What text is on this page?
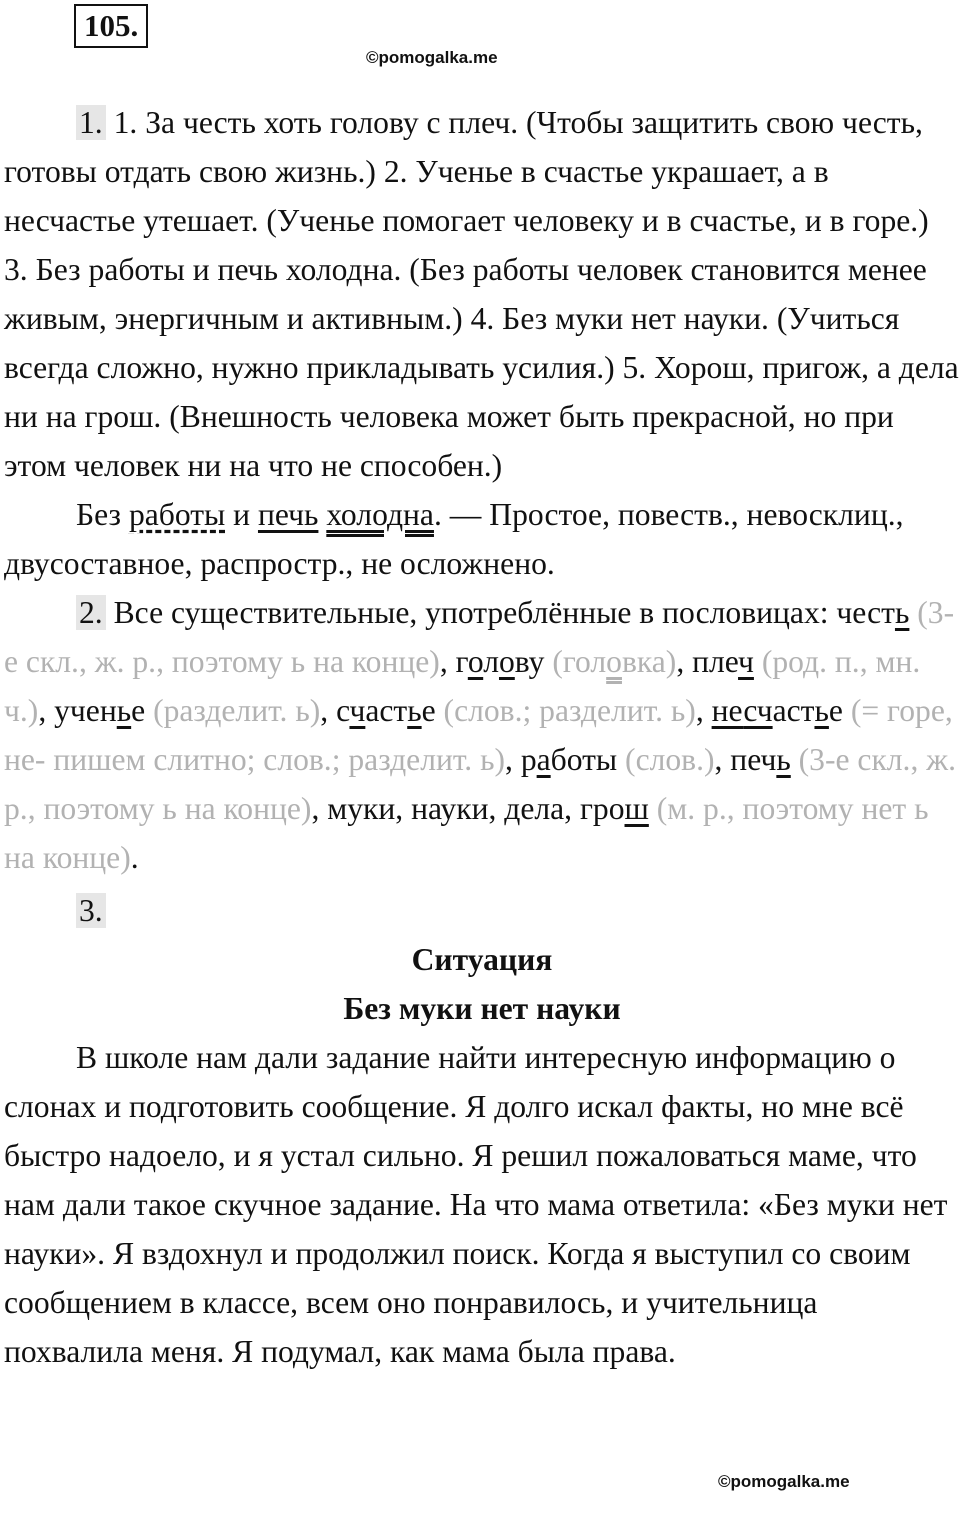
105.
©pomogalka.me

1. 1. За честь хоть голову с плеч. (Чтобы защитить свою честь, готовы отдать свою жизнь.) 2. Ученье в счастье украшает, а в несчастье утешает. (Ученье помогает человеку и в счастье, и в горе.) 3. Без работы и печь холодна. (Без работы человек становится менее живым, энергичным и активным.) 4. Без муки нет науки. (Учиться всегда сложно, нужно прикладывать усилия.) 5. Хорош, пригож, а дела ни на грош. (Внешность человека может быть прекрасной, но при этом человек ни на что не способен.)

Без работы и печь холодна. — Простое, повеств., невосклиц., двусоставное, распростр., не осложнено.

2. Все существительные, употреблённые в пословицах: честь (3-е скл., ж. р., поэтому ь на конце), голову (головка), плеч (род. п., мн. ч.), ученье (разделит. ь), счастье (слов.; разделит. ь), несчастье (= горе, не- пишем слитно; слов.; разделит. ь), работы (слов.), печь (3-е скл., ж. р., поэтому ь на конце), муки, науки, дела, грош (м. р., поэтому нет ь на конце).

3.

Ситуация

Без муки нет науки

В школе нам дали задание найти интересную информацию о слонах и подготовить сообщение. Я долго искал факты, но мне всё быстро надоело, и я устал сильно. Я решил пожаловаться маме, что нам дали такое скучное задание. На что мама ответила: «Без муки нет науки». Я вздохнул и продолжил поиск. Когда я выступил со своим сообщением в классе, всем оно понравилось, и учительница похвалила меня. Я подумал, как мама была права.

©pomogalka.me
